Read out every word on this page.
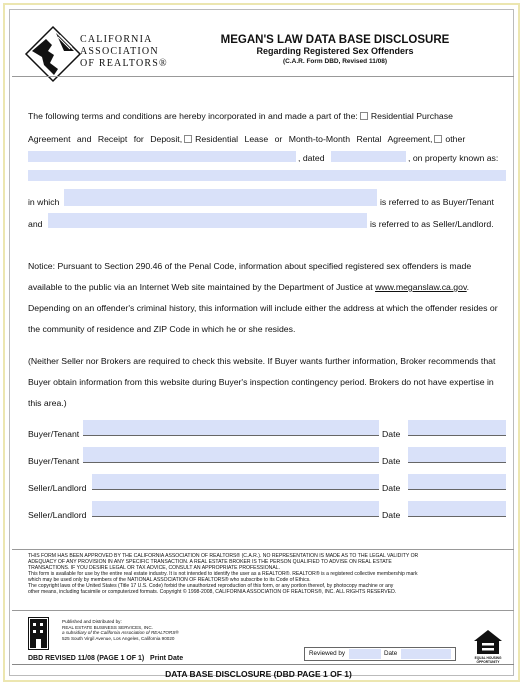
CALIFORNIA
ASSOCIATION
OF REALTORS®
MEGAN'S LAW DATA BASE DISCLOSURE
Regarding Registered Sex Offenders
(C.A.R. Form DBD, Revised 11/08)
The following terms and conditions are hereby incorporated in and made a part of the: Residential Purchase
Agreement and Receipt for Deposit, Residential Lease or Month-to-Month Rental Agreement, other
, dated	, on property known as:
in which	is referred to as Buyer/Tenant
and	is referred to as Seller/Landlord.
Notice: Pursuant to Section 290.46 of the Penal Code, information about specified registered sex offenders is made
available to the public via an Internet Web site maintained by the Department of Justice at www.meganslaw.ca.gov.
Depending on an offender's criminal history, this information will include either the address at which the offender resides or
the community of residence and ZIP Code in which he or she resides.
(Neither Seller nor Brokers are required to check this website. If Buyer wants further information, Broker recommends that
Buyer obtain information from this website during Buyer's inspection contingency period. Brokers do not have expertise in
this area.)
Buyer/Tenant	Date
Buyer/Tenant	Date
Seller/Landlord	Date
Seller/Landlord	Date
THIS FORM HAS BEEN APPROVED BY THE CALIFORNIA ASSOCIATION OF REALTORS® (C.A.R.). NO REPRESENTATION IS MADE AS TO THE LEGAL VALIDITY OR
ADEQUACY OF ANY PROVISION IN ANY SPECIFIC TRANSACTION. A REAL ESTATE BROKER IS THE PERSON QUALIFIED TO ADVISE ON REAL ESTATE
TRANSACTIONS. IF YOU DESIRE LEGAL OR TAX ADVICE, CONSULT AN APPROPRIATE PROFESSIONAL.
This form is available for use by the entire real estate industry. It is not intended to identify the user as a REALTOR®. REALTOR® is a registered collective membership mark
which may be used only by members of the NATIONAL ASSOCIATION OF REALTORS® who subscribe to its Code of Ethics.
The copyright laws of the United States (Title 17 U.S. Code) forbid the unauthorized reproduction of this form, or any portion thereof, by photocopy machine or any
other means, including facsimile or computerized formats. Copyright © 1998-2008, CALIFORNIA ASSOCIATION OF REALTORS®, INC. ALL RIGHTS RESERVED.
Published and Distributed by:
REAL ESTATE BUSINESS SERVICES, INC.
a subsidiary of the California Association of REALTORS®
525 South Virgil Avenue, Los Angeles, California 90020
DBD REVISED 11/08 (PAGE 1 OF 1) Print Date
Reviewed by	Date
EQUAL HOUSING OPPORTUNITY
DATA BASE DISCLOSURE (DBD PAGE 1 OF 1)
